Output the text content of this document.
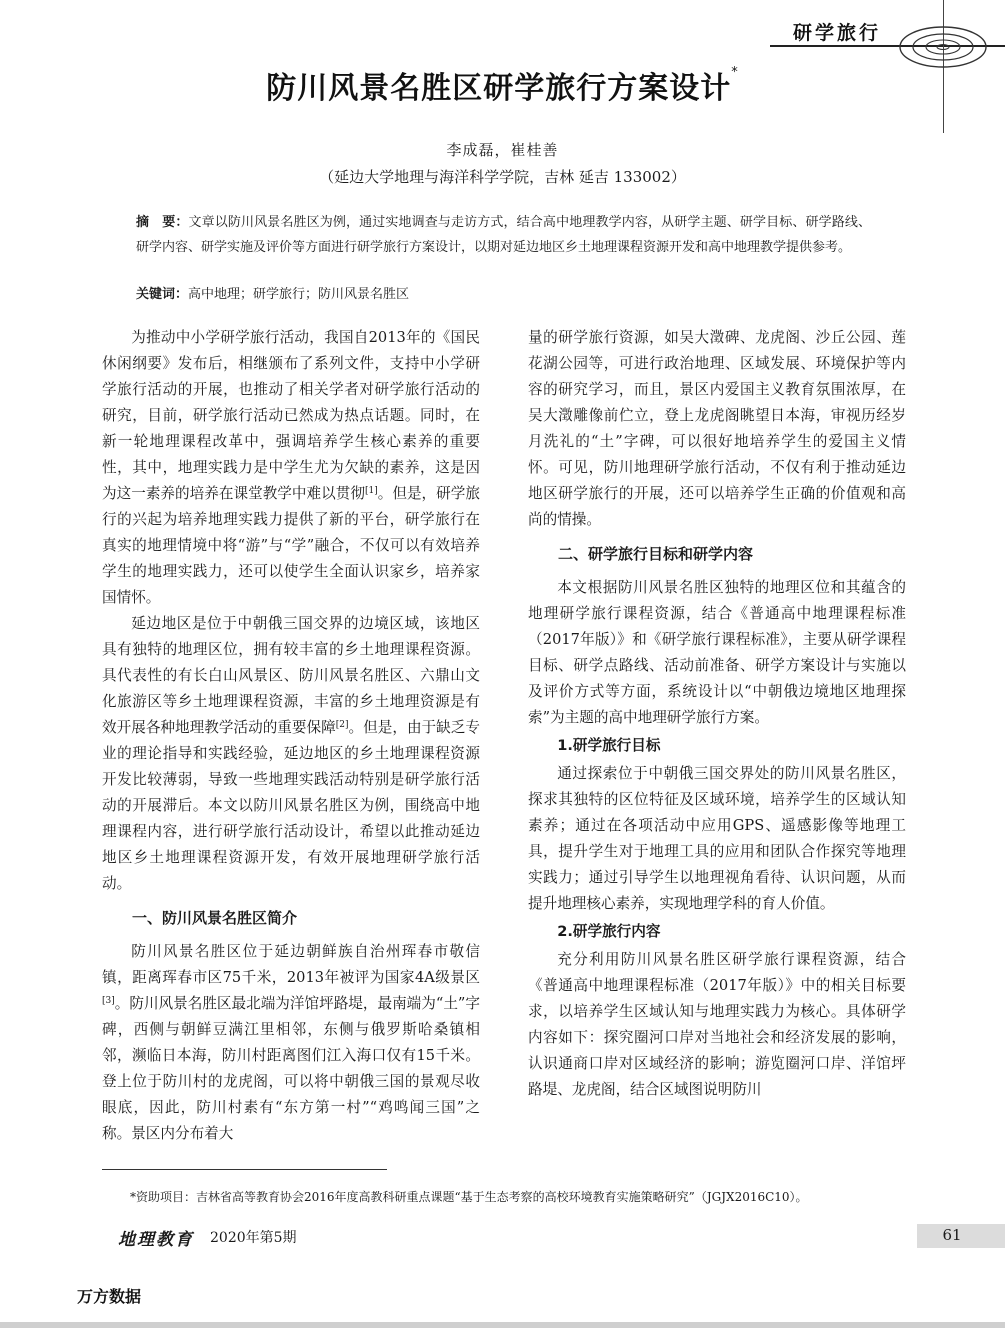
研学旅行
防川风景名胜区研学旅行方案设计*
李成磊，崔桂善
（延边大学地理与海洋科学学院，吉林 延吉 133002）
摘　要：文章以防川风景名胜区为例，通过实地调查与走访方式，结合高中地理教学内容，从研学主题、研学目标、研学路线、研学内容、研学实施及评价等方面进行研学旅行方案设计，以期对延边地区乡土地理课程资源开发和高中地理教学提供参考。
关键词：高中地理；研学旅行；防川风景名胜区

为推动中小学研学旅行活动，我国自2013年的《国民休闲纲要》发布后，相继颁布了系列文件，支持中小学研学旅行活动的开展，也推动了相关学者对研学旅行活动的研究，目前，研学旅行活动已然成为热点话题。同时，在新一轮地理课程改革中，强调培养学生核心素养的重要性，其中，地理实践力是中学生尤为欠缺的素养，这是因为这一素养的培养在课堂教学中难以贯彻[1]。但是，研学旅行的兴起为培养地理实践力提供了新的平台，研学旅行在真实的地理情境中将“游”与“学”融合，不仅可以有效培养学生的地理实践力，还可以使学生全面认识家乡，培养家国情怀。

延边地区是位于中朝俄三国交界的边境区域，该地区具有独特的地理区位，拥有较丰富的乡土地理课程资源。具代表性的有长白山风景区、防川风景名胜区、六鼎山文化旅游区等乡土地理课程资源，丰富的乡土地理资源是有效开展各种地理教学活动的重要保障[2]。但是，由于缺乏专业的理论指导和实践经验，延边地区的乡土地理课程资源开发比较薄弱，导致一些地理实践活动特别是研学旅行活动的开展滞后。本文以防川风景名胜区为例，围绕高中地理课程内容，进行研学旅行活动设计，希望以此推动延边地区乡土地理课程资源开发，有效开展地理研学旅行活动。

一、防川风景名胜区简介

防川风景名胜区位于延边朝鲜族自治州珲春市敬信镇，距离珲春市区75千米，2013年被评为国家4A级景区[3]。防川风景名胜区最北端为洋馆坪路堤，最南端为“土”字碑，西侧与朝鲜豆满江里相邻，东侧与俄罗斯哈桑镇相邻，濒临日本海，防川村距离图们江入海口仅有15千米。登上位于防川村的龙虎阁，可以将中朝俄三国的景观尽收眼底，因此，防川村素有“东方第一村”“鸡鸣闻三国”之称。景区内分布着大

量的研学旅行资源，如吴大澂碑、龙虎阁、沙丘公园、莲花湖公园等，可进行政治地理、区域发展、环境保护等内容的研究学习，而且，景区内爱国主义教育氛围浓厚，在吴大澂雕像前伫立，登上龙虎阁眺望日本海，审视历经岁月洗礼的“土”字碑，可以很好地培养学生的爱国主义情怀。可见，防川地理研学旅行活动，不仅有利于推动延边地区研学旅行的开展，还可以培养学生正确的价值观和高尚的情操。

二、研学旅行目标和研学内容

本文根据防川风景名胜区独特的地理区位和其蕴含的地理研学旅行课程资源，结合《普通高中地理课程标准（2017年版）》和《研学旅行课程标准》，主要从研学课程目标、研学点路线、活动前准备、研学方案设计与实施以及评价方式等方面，系统设计以“中朝俄边境地区地理探索”为主题的高中地理研学旅行方案。

1.研学旅行目标

通过探索位于中朝俄三国交界处的防川风景名胜区，探求其独特的区位特征及区域环境，培养学生的区域认知素养；通过在各项活动中应用GPS、遥感影像等地理工具，提升学生对于地理工具的应用和团队合作探究等地理实践力；通过引导学生以地理视角看待、认识问题，从而提升地理核心素养，实现地理学科的育人价值。

2.研学旅行内容

充分利用防川风景名胜区研学旅行课程资源，结合《普通高中地理课程标准（2017年版）》中的相关目标要求，以培养学生区域认知与地理实践力为核心。具体研学内容如下：探究圈河口岸对当地社会和经济发展的影响，认识通商口岸对区域经济的影响；游览圈河口岸、洋馆坪路堤、龙虎阁，结合区域图说明防川

*资助项目：吉林省高等教育协会2016年度高教科研重点课题“基于生态考察的高校环境教育实施策略研究”（JGJX2016C10）。
地理教育 2020年第5期	61
万方数据
